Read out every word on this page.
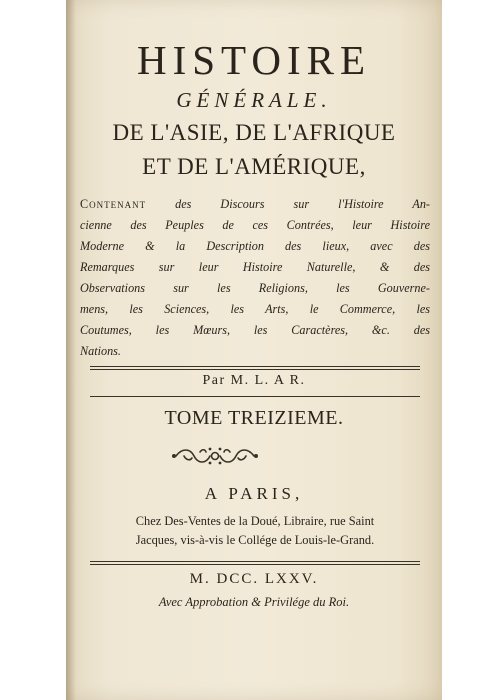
HISTOIRE
GÉNÉRALE.
DE L'ASIE, DE L'AFRIQUE
ET DE L'AMÉRIQUE,
Contenant des Discours sur l'Histoire An-
cienne des Peuples de ces Contrées, leur Histoire
Moderne & la Description des lieux, avec des
Remarques sur leur Histoire Naturelle, & des
Observations sur les Religions, les Gouverne-
mens, les Sciences, les Arts, le Commerce, les
Coutumes, les Mœurs, les Caractères, &c. des
Nations.
Par M. L. A R.
TOME TREIZIEME.
A PARIS,
Chez Des-Ventes de la Doué, Libraire, rue Saint
Jacques, vis-à-vis le Collége de Louis-le-Grand.
M. DCC. LXXV.
Avec Approbation & Privilége du Roi.
